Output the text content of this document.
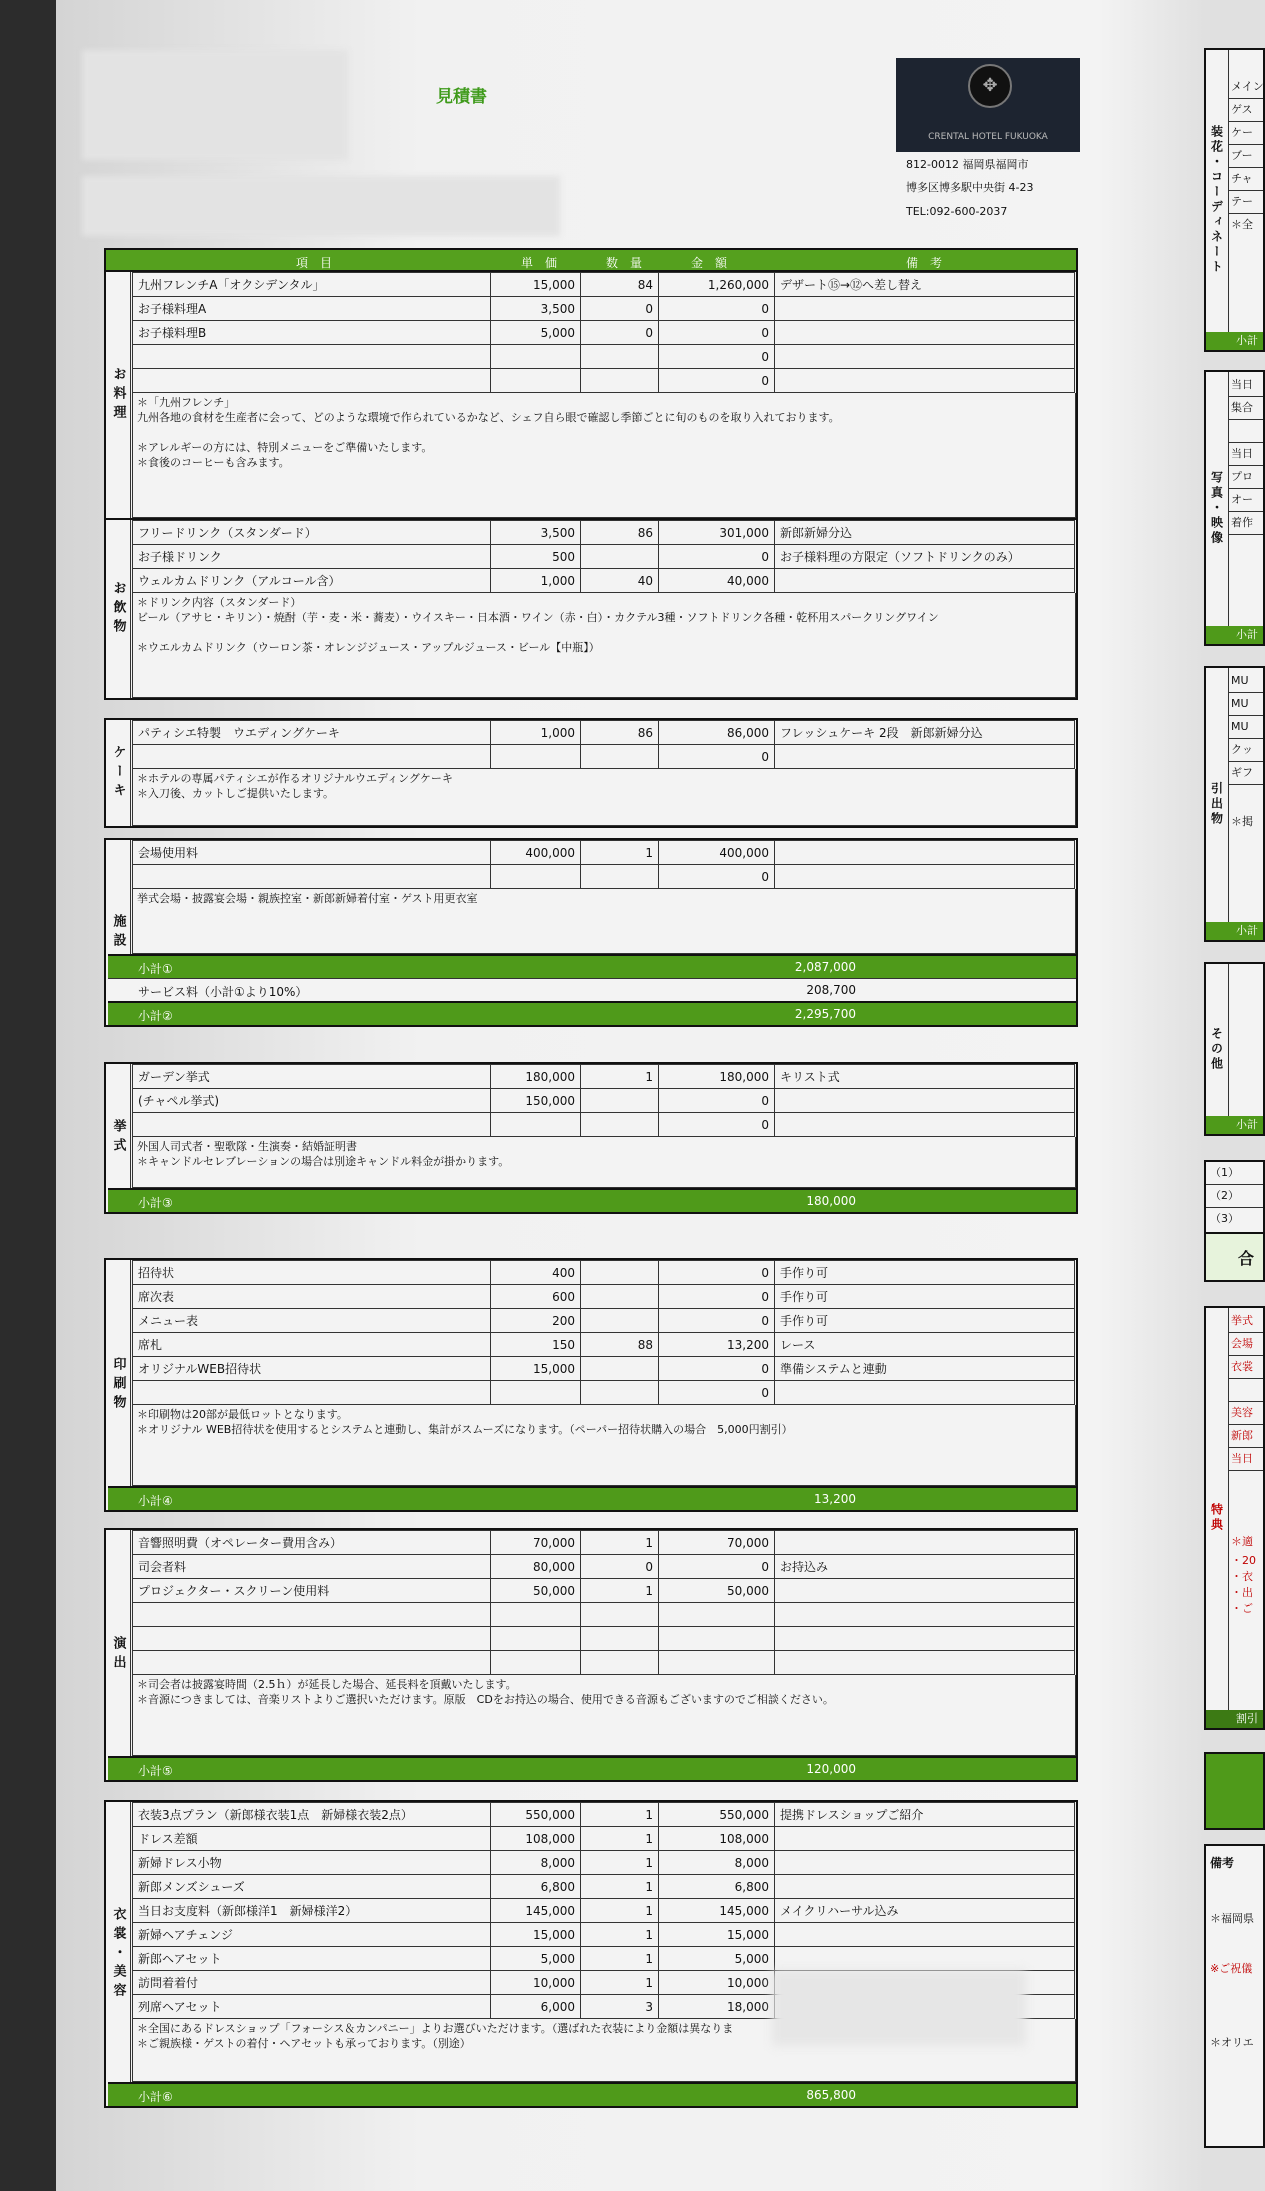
見積書
✥
CRENTAL HOTEL FUKUOKA
812-0012 福岡県福岡市
博多区博多駅中央街 4-23
TEL:092-600-2037
項　目	単　価	数　量	金　額	備　考
お料理
九州フレンチA「オクシデンタル」	15,000	84	1,260,000	デザート⑮→⑫へ差し替え
お子様料理A	3,500	0	0	
お子様料理B	5,000	0	0	
			0	
			0	
＊「九州フレンチ」
九州各地の食材を生産者に会って、どのような環境で作られているかなど、シェフ自ら眼で確認し季節ごとに旬のものを取り入れております。
＊アレルギーの方には、特別メニューをご準備いたします。
＊食後のコーヒーも含みます。
お飲物
フリードリンク（スタンダード）	3,500	86	301,000	新郎新婦分込
お子様ドリンク	500		0	お子様料理の方限定（ソフトドリンクのみ）
ウェルカムドリンク（アルコール含）	1,000	40	40,000	
＊ドリンク内容（スタンダード）
ビール（アサヒ・キリン）・焼酎（芋・麦・米・蕎麦）・ウイスキー・日本酒・ワイン（赤・白）・カクテル3種・ソフトドリンク各種・乾杯用スパークリングワイン
＊ウエルカムドリンク（ウーロン茶・オレンジジュース・アップルジュース・ビール【中瓶】）
ケーキ
パティシエ特製　ウエディングケーキ	1,000	86	86,000	フレッシュケーキ 2段　新郎新婦分込
			0	
＊ホテルの専属パティシエが作るオリジナルウエディングケーキ
＊入刀後、カットしご提供いたします。
施設
会場使用料	400,000	1	400,000	
			0	
挙式会場・披露宴会場・親族控室・新郎新婦着付室・ゲスト用更衣室
小計①	2,087,000
サービス料（小計①より10%）	208,700
小計②	2,295,700
挙式
ガーデン挙式	180,000	1	180,000	キリスト式
(チャペル挙式)	150,000		0	
			0	
外国人司式者・聖歌隊・生演奏・結婚証明書
＊キャンドルセレブレーションの場合は別途キャンドル料金が掛かります。
小計③	180,000
印刷物
招待状	400		0	手作り可
席次表	600		0	手作り可
メニュー表	200		0	手作り可
席札	150	88	13,200	レース
オリジナルWEB招待状	15,000		0	準備システムと連動
			0	
＊印刷物は20部が最低ロットとなります。
＊オリジナル WEB招待状を使用するとシステムと連動し、集計がスムーズになります。（ペーパー招待状購入の場合　5,000円割引）
小計④	13,200
演出
音響照明費（オペレーター費用含み）	70,000	1	70,000	
司会者料	80,000	0	0	お持込み
プロジェクター・スクリーン使用料	50,000	1	50,000	

＊司会者は披露宴時間（2.5ｈ）が延長した場合、延長料を頂戴いたします。
＊音源につきましては、音楽リストよりご選択いただけます。原版　CDをお持込の場合、使用できる音源もございますのでご相談ください。
小計⑤	120,000
衣裳・美容
衣装3点プラン（新郎様衣装1点　新婦様衣装2点）	550,000	1	550,000	提携ドレスショップご紹介
ドレス差額	108,000	1	108,000	
新婦ドレス小物	8,000	1	8,000	
新郎メンズシューズ	6,800	1	6,800	
当日お支度料（新郎様洋1　新婦様洋2）	145,000	1	145,000	メイクリハーサル込み
新婦ヘアチェンジ	15,000	1	15,000	
新郎ヘアセット	5,000	1	5,000	
訪問着着付	10,000	1	10,000	
列席ヘアセット	6,000	3	18,000	
＊全国にあるドレスショップ「フォーシス＆カンパニー」よりお選びいただけます。（選ばれた衣装により金額は異なりま
＊ご親族様・ゲストの着付・ヘアセットも承っております。（別途）
小計⑥	865,800
装花・コーディネート
メイン
ゲス
ケー
ブー
チャ
テー
＊全
小計
写真・映像
当日
集合
当日
プロ
オー
着作
小計
引出物
MU
MU
MU
クッ
ギフ
＊掲
小計
その他
小計
（1）
（2）
（3）
合
特典
挙式
会場
衣裳
美容
新郎
当日
＊適
・20
・衣
・出
・ご
割引
備考
＊福岡県
※ご祝儀
＊オリエ
